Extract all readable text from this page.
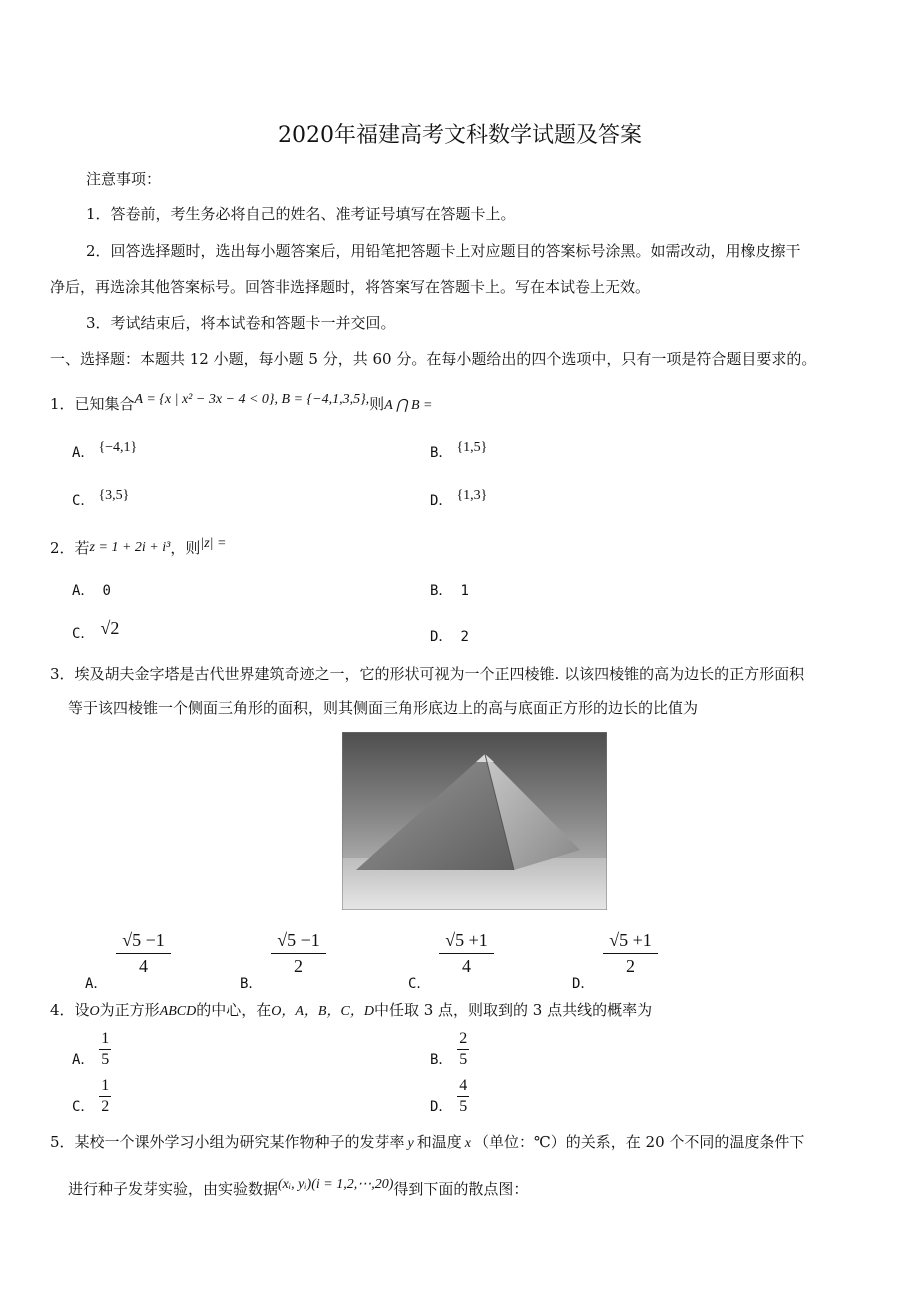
2020年福建高考文科数学试题及答案
注意事项：
1．答卷前，考生务必将自己的姓名、准考证号填写在答题卡上。
2．回答选择题时，选出每小题答案后，用铅笔把答题卡上对应题目的答案标号涂黑。如需改动，用橡皮擦干
净后，再选涂其他答案标号。回答非选择题时，将答案写在答题卡上。写在本试卷上无效。
3．考试结束后，将本试卷和答题卡一并交回。
一、选择题：本题共 12 小题，每小题 5 分，共 60 分。在每小题给出的四个选项中，只有一项是符合题目要求的。
1．已知集合A = {x | x² − 3x − 4 < 0}, B = {−4,1,3,5},则A ⋂ B =
A． {−4,1}	B． {1,5}
C． {3,5}	D． {1,3}
2．若z = 1 + 2i + i³，则|z| =
A． 0	B． 1
C． √2	D． 2
3．埃及胡夫金字塔是古代世界建筑奇迹之一，它的形状可视为一个正四棱锥. 以该四棱锥的高为边长的正方形面积
等于该四棱锥一个侧面三角形的面积，则其侧面三角形底边上的高与底面正方形的边长的比值为
A．
$\frac{√5 -1}{4}$
B．
$\frac{√5 -1}{2}$
C．
$\frac{√5 +1}{4}$
D．
$\frac{√5 +1}{2}$
4．设O为正方形ABCD的中心，在O，A，B，C，D中任取 3 点，则取到的 3 点共线的概率为
A． $\frac{1}{5}$	B． $\frac{2}{5}$
C． $\frac{1}{2}$	D． $\frac{4}{5}$
5．某校一个课外学习小组为研究某作物种子的发芽率 y 和温度 x （单位：℃）的关系，在 20 个不同的温度条件下
进行种子发芽实验，由实验数据(xᵢ, yᵢ)(i = 1,2,⋯,20)得到下面的散点图：
